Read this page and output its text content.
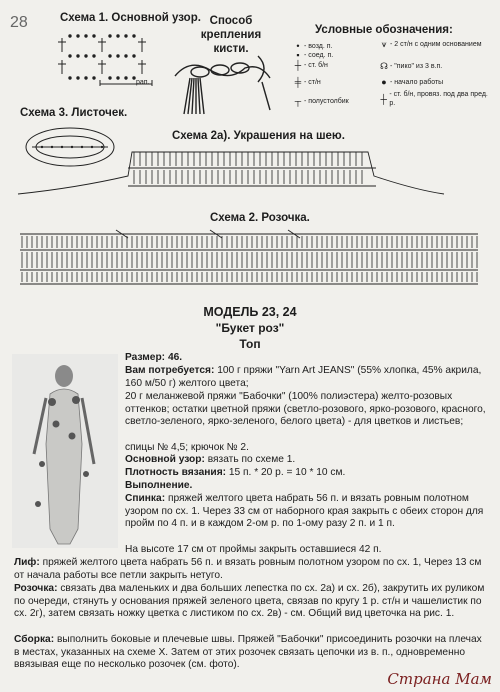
28	Схема 1. Основной узор.
рап.
Способ крепления кисти.
Условные обозначения:
• - возд. п.
▪ - соед. п.
┼ - ст. б/н
╪ - ст/н
┬ - полустолбик
⩛ - 2 ст/н с одним основанием
☊ - "пико" из 3 в.п.
● - начало работы
┼ - ст. б/н, провяз. под два пред. р.
Схема 3. Листочек.
Схема 2а). Украшения на шею.
Схема 2. Розочка.
МОДЕЛЬ 23, 24
"Букет роз"
Топ
Размер: 46.
Вам потребуется: 100 г пряжи "Yarn Art JEANS" (55% хлопка, 45% акрила, 160 м/50 г) желтого цвета;
20 г меланжевой пряжи "Бабочки" (100% полиэстера) желто-розовых оттенков; остатки цветной пряжи (светло-розового, ярко-розового, красного, светло-зеленого, ярко-зеленого, белого цвета) - для цветков и листьев;
спицы № 4,5; крючок № 2.
Основной узор: вязать по схеме 1.
Плотность вязания: 15 п. * 20 р. = 10 * 10 см.
Выполнение.
Спинка: пряжей желтого цвета набрать 56 п. и вязать ровным полотном узором по сх. 1. Через 33 см от наборного края закрыть с обеих сторон для пройм по 4 п. и в каждом 2-ом р. по 1-ому разу 2 п. и 1 п.
На высоте 17 см от проймы закрыть оставшиеся 42 п.
Лиф: пряжей желтого цвета набрать 56 п. и вязать ровным полотном узором по сх. 1, Через 13 см от начала работы все петли закрыть нетуго.
Розочка: связать два маленьких и два больших лепестка по сх. 2а) и сх. 2б), закрутить их руликом по очереди, стянуть у основания пряжей зеленого цвета, связав по кругу 1 р. ст/н и чашелистик по сх. 2г), затем связать ножку цветка с листиком по сх. 2в) - см. Общий вид цветочка на рис. 1.
Сборка: выполнить боковые и плечевые швы. Пряжей "Бабочки" присоединить розочки на плечах в местах, указанных на схеме Х. Затем от этих розочек связать цепочки из в. п., одновременно ввязывая еще по несколько розочек (см. фото).
Страна Мам
